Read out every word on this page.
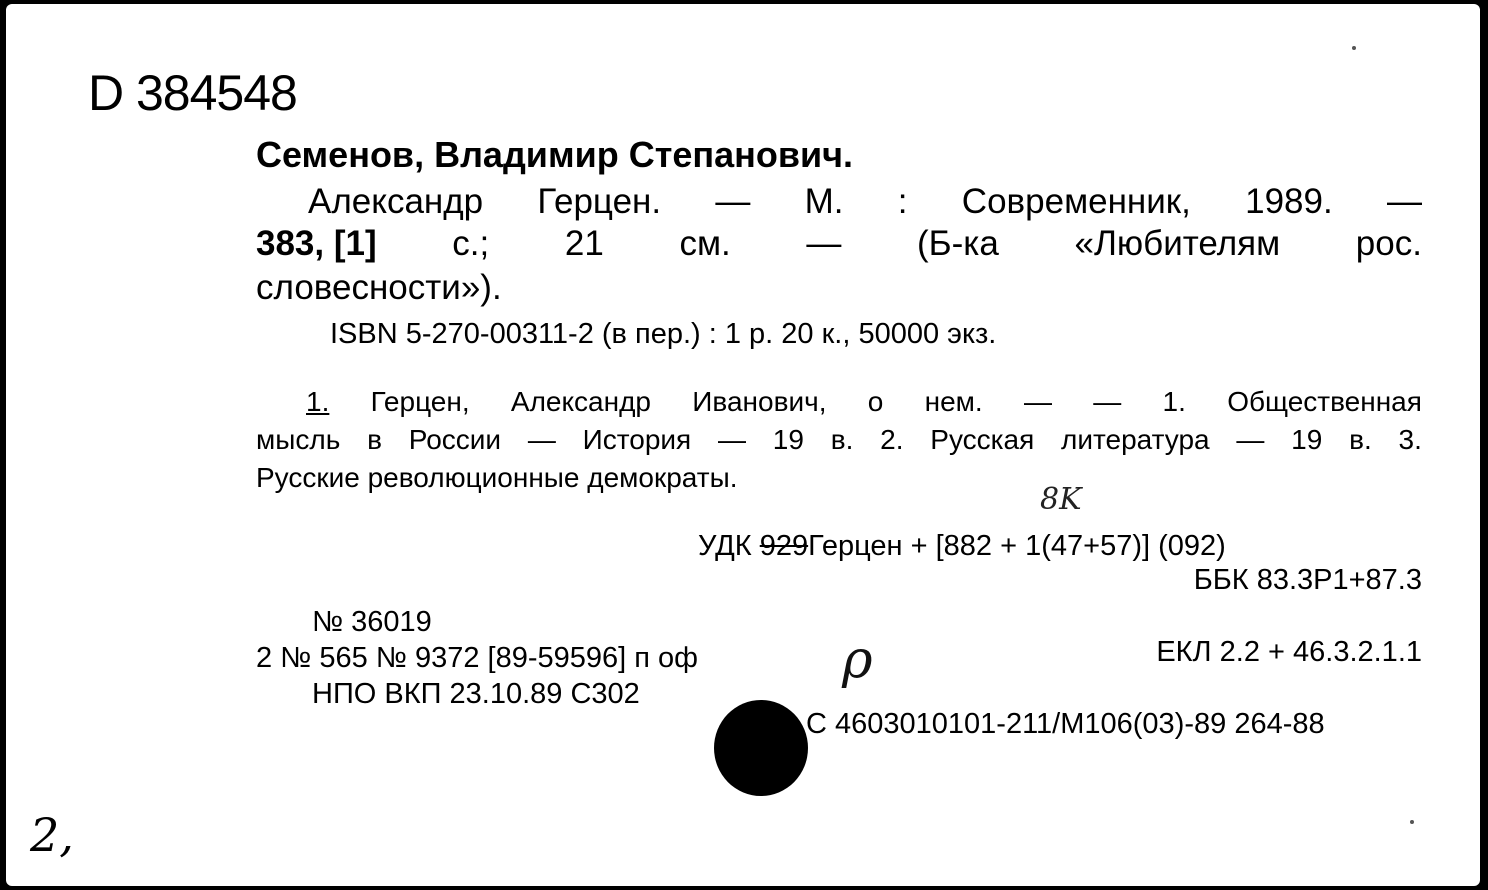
D 384548
Семенов, Владимир Степанович.
Александр Герцен. — М. : Современник, 1989. —
383, [1] с.; 21 см. — (Б-ка «Любителям рос.
словесности»).
ISBN 5-270-00311-2 (в пер.) : 1 р. 20 к., 50000 экз.
1. Герцен, Александр Иванович, о нем. — — 1. Общественная
мысль в России — История — 19 в. 2. Русская литература — 19 в. 3.
Русские революционные демократы.
8K
УДК 929Герцен + [882 + 1(47+57)] (092)
ББК 83.3Р1+87.3
№ 36019
2 № 565 № 9372 [89-59596] п оф
НПО ВКП 23.10.89 С302
ρ	ЕКЛ 2.2 + 46.3.2.1.1
С 4603010101-211/М106(03)-89 264-88
2,
